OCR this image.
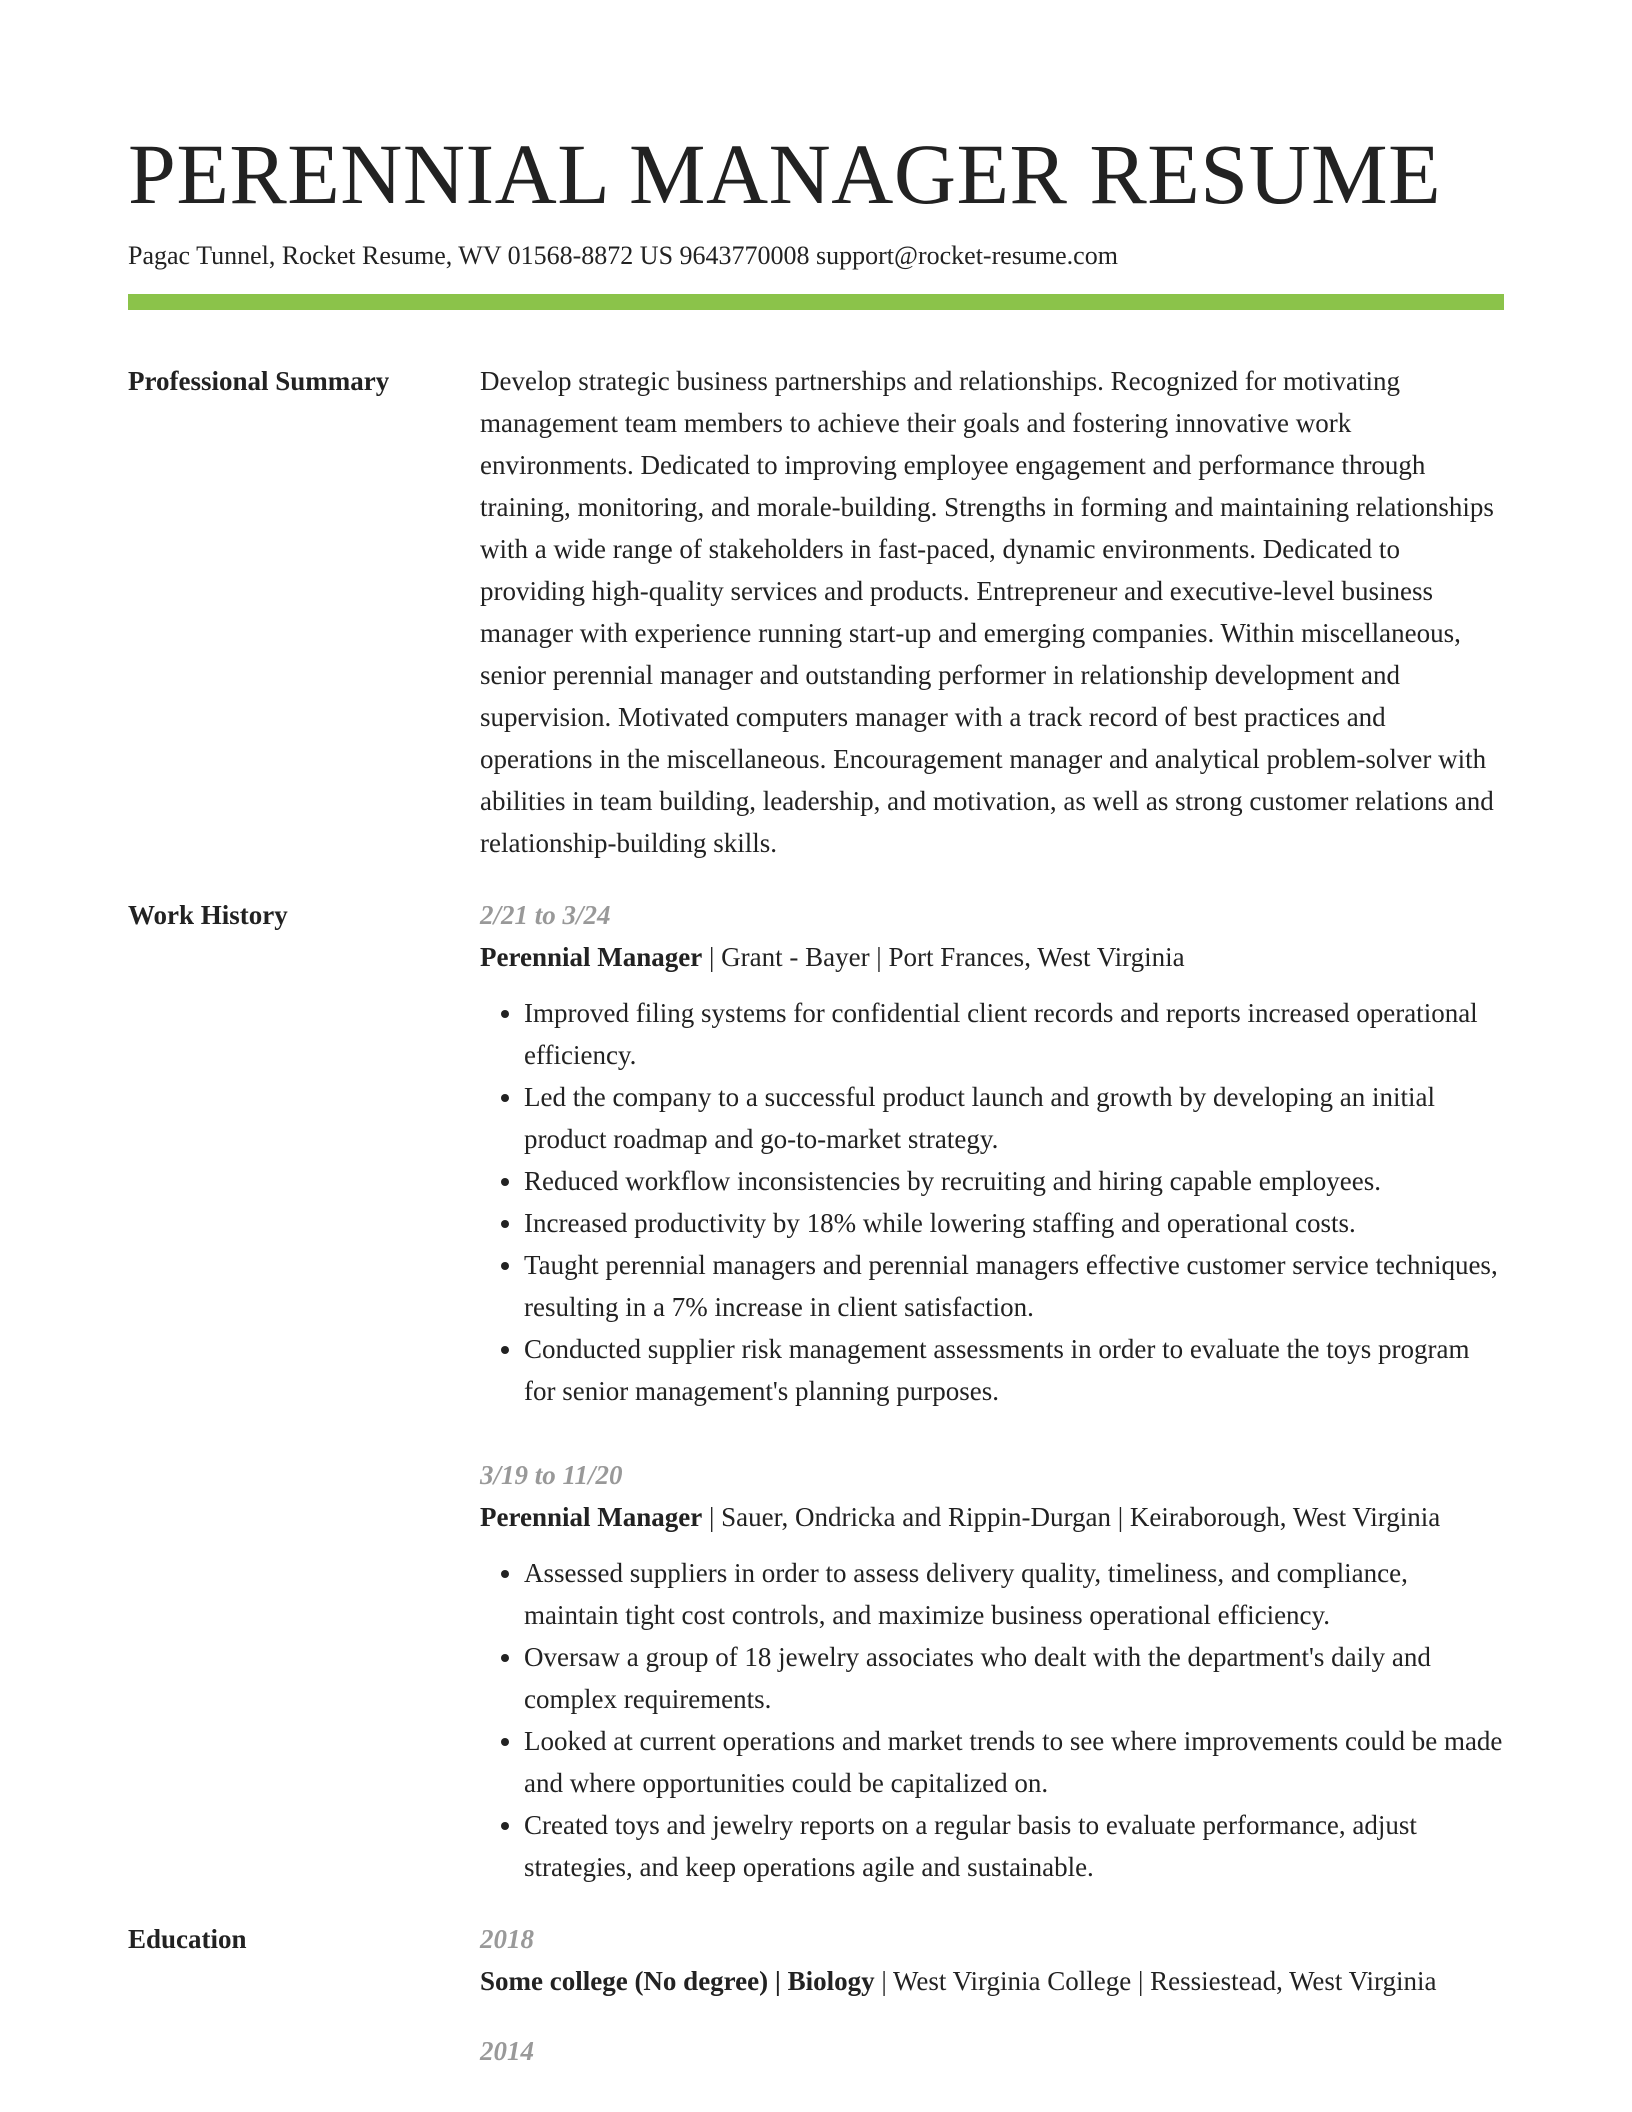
PERENNIAL MANAGER RESUME
Pagac Tunnel, Rocket Resume, WV 01568-8872 US 9643770008 support@rocket-resume.com
Professional Summary	Develop strategic business partnerships and relationships. Recognized for motivating management team members to achieve their goals and fostering innovative work environments. Dedicated to improving employee engagement and performance through training, monitoring, and morale-building. Strengths in forming and maintaining relationships with a wide range of stakeholders in fast-paced, dynamic environments. Dedicated to providing high-quality services and products. Entrepreneur and executive-level business manager with experience running start-up and emerging companies. Within miscellaneous, senior perennial manager and outstanding performer in relationship development and supervision. Motivated computers manager with a track record of best practices and operations in the miscellaneous. Encouragement manager and analytical problem-solver with abilities in team building, leadership, and motivation, as well as strong customer relations and relationship-building skills.

Work History	2/21 to 3/24
Perennial Manager | Grant - Bayer | Port Frances, West Virginia
• Improved filing systems for confidential client records and reports increased operational efficiency.
• Led the company to a successful product launch and growth by developing an initial product roadmap and go-to-market strategy.
• Reduced workflow inconsistencies by recruiting and hiring capable employees.
• Increased productivity by 18% while lowering staffing and operational costs.
• Taught perennial managers and perennial managers effective customer service techniques, resulting in a 7% increase in client satisfaction.
• Conducted supplier risk management assessments in order to evaluate the toys program for senior management's planning purposes.
3/19 to 11/20
Perennial Manager | Sauer, Ondricka and Rippin-Durgan | Keiraborough, West Virginia
• Assessed suppliers in order to assess delivery quality, timeliness, and compliance, maintain tight cost controls, and maximize business operational efficiency.
• Oversaw a group of 18 jewelry associates who dealt with the department's daily and complex requirements.
• Looked at current operations and market trends to see where improvements could be made and where opportunities could be capitalized on.
• Created toys and jewelry reports on a regular basis to evaluate performance, adjust strategies, and keep operations agile and sustainable.
Education	2018
Some college (No degree) | Biology | West Virginia College | Ressiestead, West Virginia
2014
